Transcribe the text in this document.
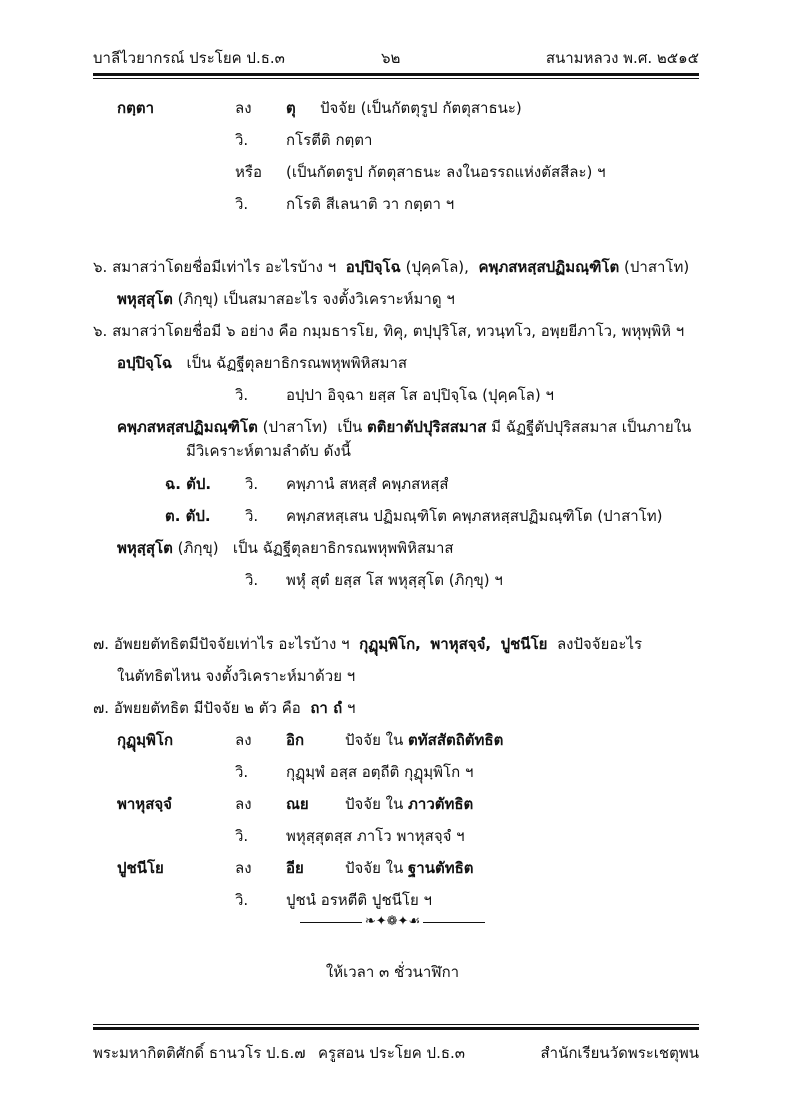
บาลีไวยากรณ์ ประโยค ป.ธ.๓	๖๒	สนามหลวง พ.ศ. ๒๕๑๕
กตฺตา	ลง ตุ ปัจจัย (เป็นกัตตุรูป กัตตุสาธนะ)
วิ.	กโรตีติ กตฺตา
หรือ (เป็นกัตตรูป กัตตุสาธนะ ลงในอรรถแห่งตัสสีละ) ฯ
วิ.	กโรติ สีเลนาติ วา กตฺตา ฯ
๖. สมาสว่าโดยชื่อมีเท่าไร อะไรบ้าง ฯ อปฺปิจฺโฉ (ปุคฺคโล), คพฺภสหสฺสปฏิมณฺฑิโต (ปาสาโท)
พหุสฺสุโต (ภิกฺขุ) เป็นสมาสอะไร จงตั้งวิเคราะห์มาดู ฯ
๖. สมาสว่าโดยชื่อมี ๖ อย่าง คือ กมฺมธารโย, ทิคุ, ตปฺปุริโส, ทวนฺทโว, อพฺยยีภาโว, พหุพฺพิหิ ฯ
อปฺปิจฺโฉ เป็น ฉัฏฐีตุลยาธิกรณพหุพพิหิสมาส
วิ.	อปฺปา อิจฺฉา ยสฺส โส อปฺปิจฺโฉ (ปุคฺคโล) ฯ
คพฺภสหสฺสปฏิมณฺฑิโต (ปาสาโท) เป็น ตติยาตัปปุริสสมาส มี ฉัฏฐีตัปปุริสสมาส เป็นภายใน
มีวิเคราะห์ตามลำดับ ดังนี้
ฉ. ตัป. วิ. คพฺภานํ สหสฺสํ คพฺภสหสฺสํ
ต. ตัป. วิ. คพฺภสหสฺเสน ปฏิมณฺฑิโต คพฺภสหสฺสปฏิมณฺฑิโต (ปาสาโท)
พหุสฺสุโต (ภิกฺขุ) เป็น ฉัฏฐีตุลยาธิกรณพหุพพิหิสมาส
วิ. พหุํ สุตํ ยสฺส โส พหุสฺสุโต (ภิกฺขุ) ฯ
๗. อัพยยตัทธิตมีปัจจัยเท่าไร อะไรบ้าง ฯ กุฏุมฺพิโก, พาหุสจฺจํ, ปูชนีโย ลงปัจจัยอะไร
ในตัทธิตไหน จงตั้งวิเคราะห์มาด้วย ฯ
๗. อัพยยตัทธิต มีปัจจัย ๒ ตัว คือ ถา ถํ ฯ
กุฏุมฺพิโก	ลง อิก	ปัจจัย ใน ตทัสสัตถิตัทธิต
วิ.	กุฏุมฺพํ อสฺส อตฺถีติ กุฏุมฺพิโก ฯ
พาหุสจฺจํ	ลง ณย ปัจจัย ใน ภาวตัทธิต
วิ.	พหุสฺสุตสฺส ภาโว พาหุสจฺจํ ฯ
ปูชนีโย	ลง อีย	ปัจจัย ใน ฐานตัทธิต
วิ.	ปูชนํ อรหตีติ ปูชนีโย ฯ
❧✦❁✦☙
ให้เวลา ๓ ชั่วนาฬิกา
พระมหากิตติศักดิ์ ธานวโร ป.ธ.๗ ครูสอน ประโยค ป.ธ.๓	สำนักเรียนวัดพระเชตุพน
